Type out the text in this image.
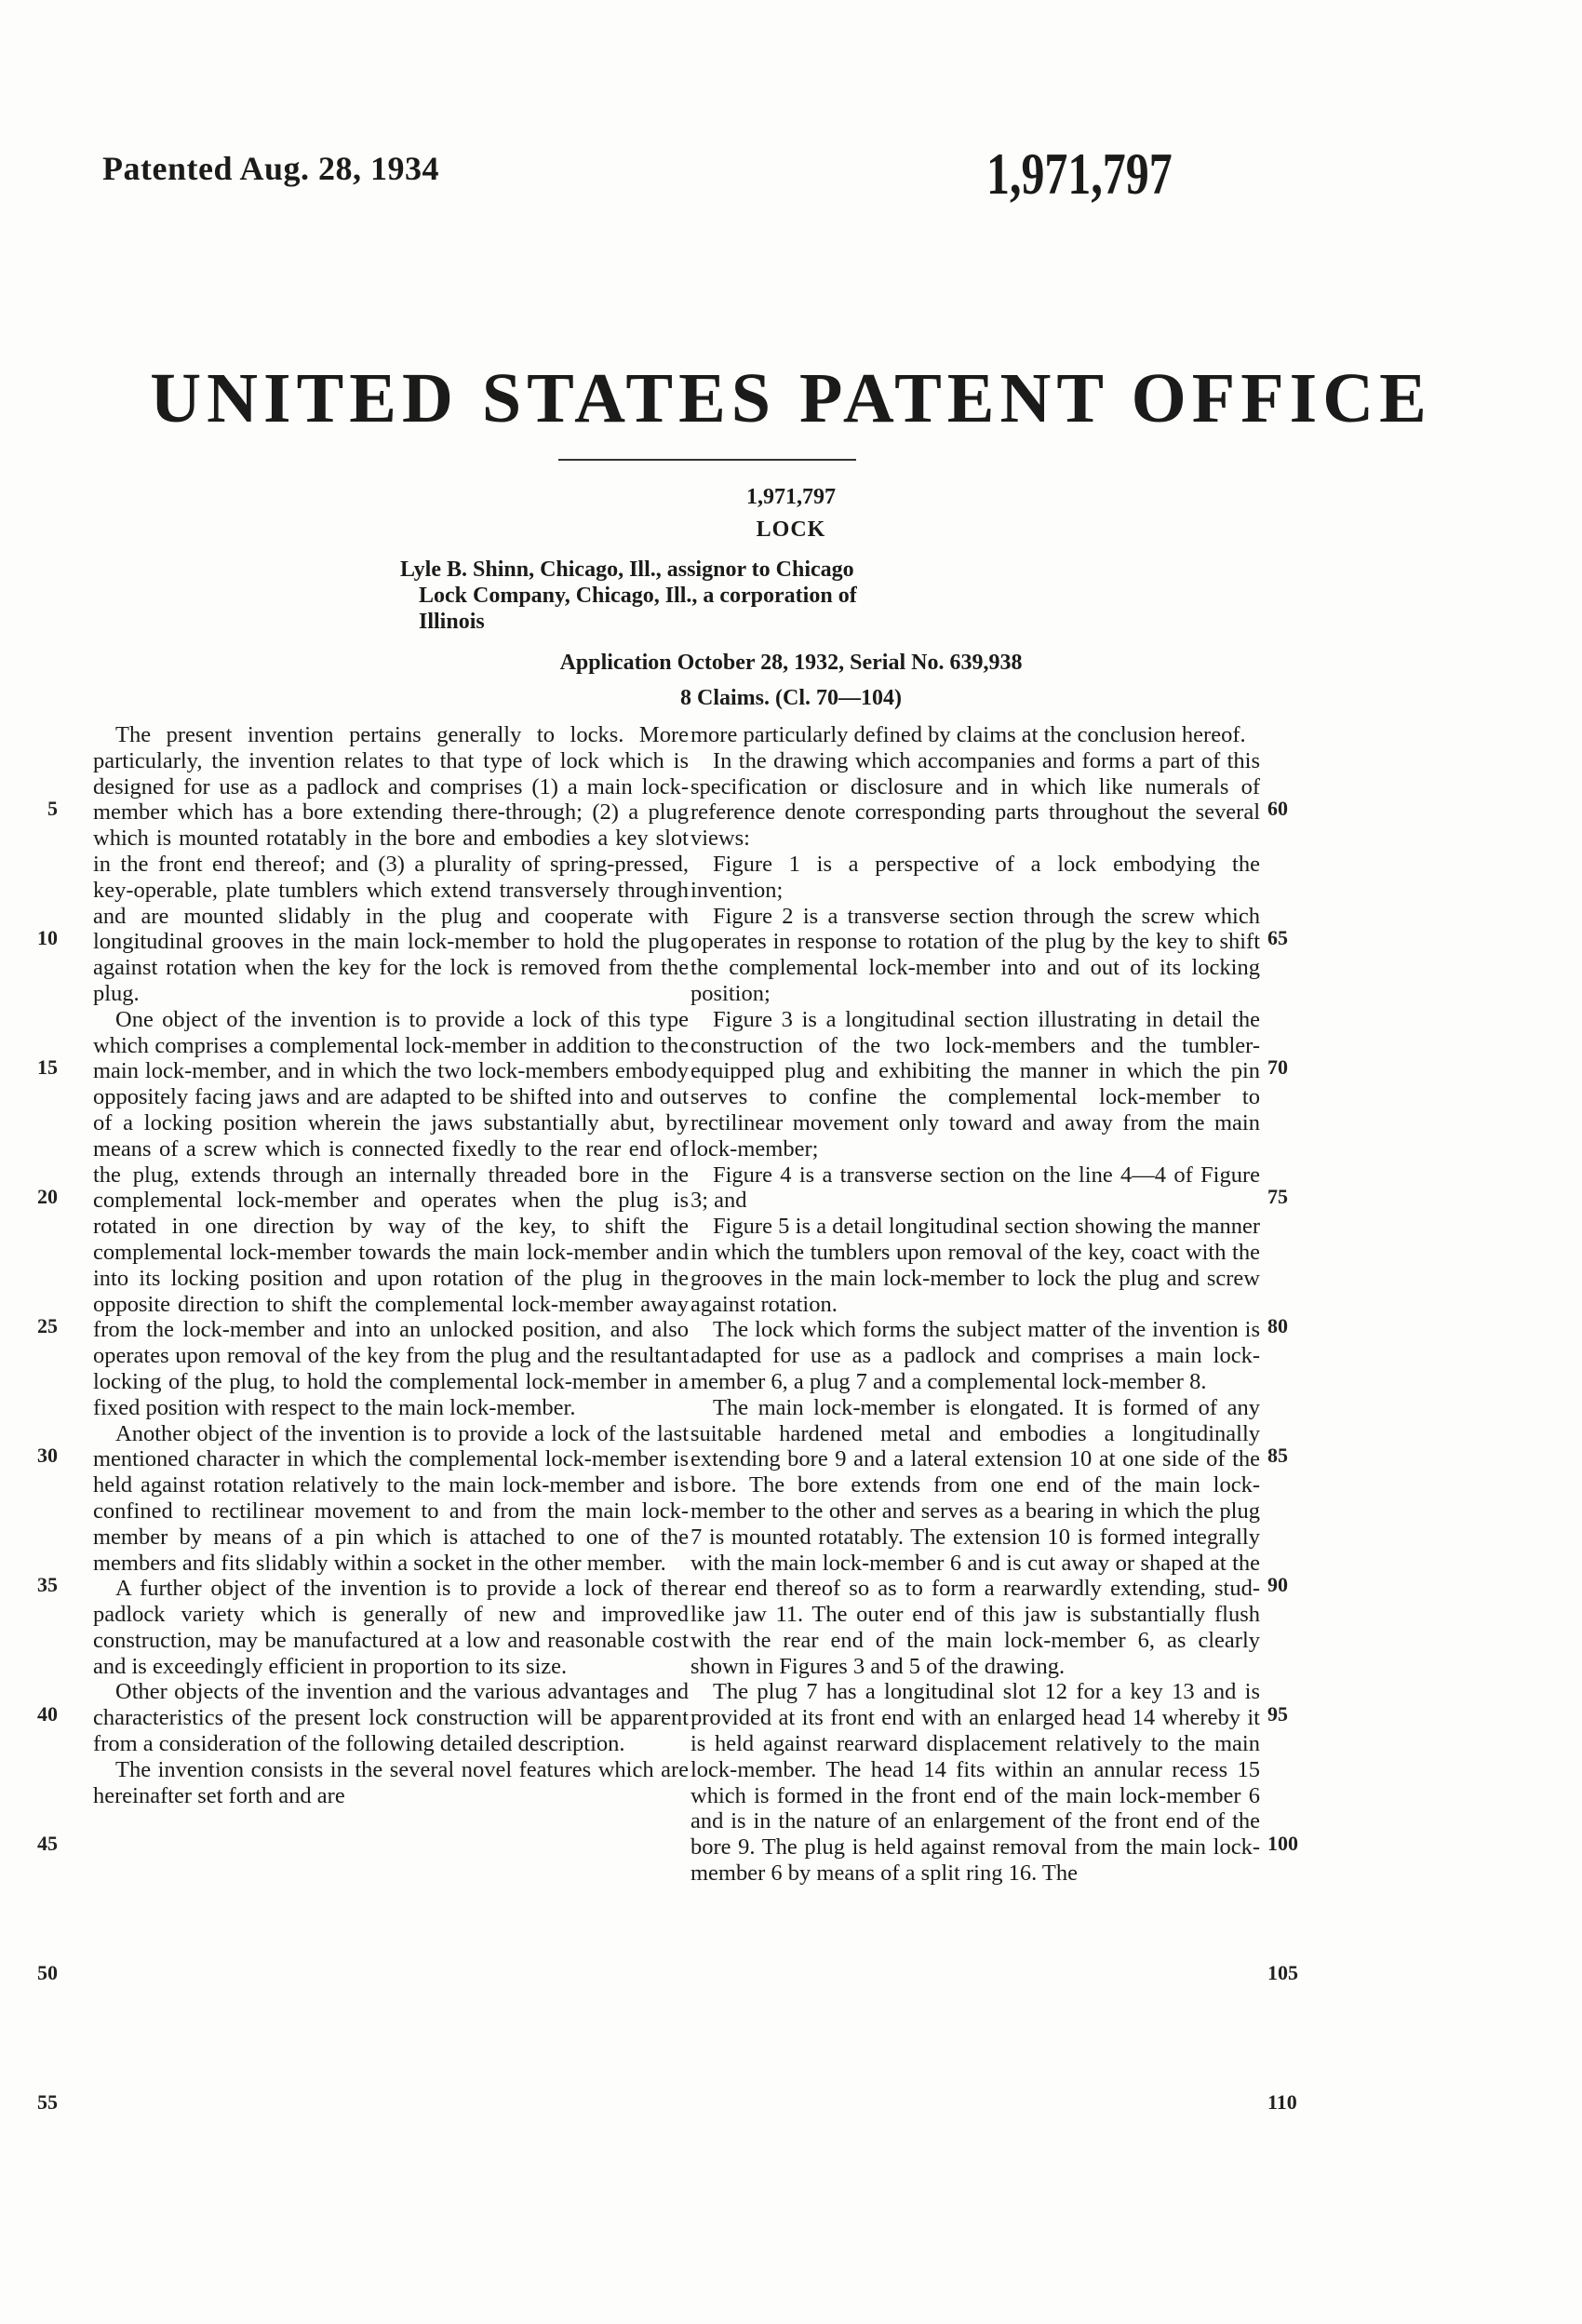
Patented Aug. 28, 1934	1,971,797
UNITED STATES PATENT OFFICE
1,971,797
LOCK
Lyle B. Shinn, Chicago, Ill., assignor to Chicago
Lock Company, Chicago, Ill., a corporation of
Illinois
Application October 28, 1932, Serial No. 639,938
8 Claims. (Cl. 70—104)

The present invention pertains generally to locks. More particularly, the invention relates to that type of lock which is designed for use as a padlock and comprises (1) a main lock-member which has a bore extending there-through; (2) a plug which is mounted rotatably in the bore and embodies a key slot in the front end thereof; and (3) a plurality of spring-pressed, key-operable, plate tumblers which extend transversely through and are mounted slidably in the plug and cooperate with longitudinal grooves in the main lock-member to hold the plug against rotation when the key for the lock is removed from the plug.

One object of the invention is to provide a lock of this type which comprises a complemental lock-member in addition to the main lock-member, and in which the two lock-members embody oppositely facing jaws and are adapted to be shifted into and out of a locking position wherein the jaws substantially abut, by means of a screw which is connected fixedly to the rear end of the plug, extends through an internally threaded bore in the complemental lock-member and operates when the plug is rotated in one direction by way of the key, to shift the complemental lock-member towards the main lock-member and into its locking position and upon rotation of the plug in the opposite direction to shift the complemental lock-member away from the lock-member and into an unlocked position, and also operates upon removal of the key from the plug and the resultant locking of the plug, to hold the complemental lock-member in a fixed position with respect to the main lock-member.

Another object of the invention is to provide a lock of the last mentioned character in which the complemental lock-member is held against rotation relatively to the main lock-member and is confined to rectilinear movement to and from the main lock-member by means of a pin which is attached to one of the members and fits slidably within a socket in the other member.

A further object of the invention is to provide a lock of the padlock variety which is generally of new and improved construction, may be manufactured at a low and reasonable cost and is exceedingly efficient in proportion to its size.

Other objects of the invention and the various advantages and characteristics of the present lock construction will be apparent from a consideration of the following detailed description.

The invention consists in the several novel features which are hereinafter set forth and are

more particularly defined by claims at the conclusion hereof.

In the drawing which accompanies and forms a part of this specification or disclosure and in which like numerals of reference denote corresponding parts throughout the several views:

Figure 1 is a perspective of a lock embodying the invention;

Figure 2 is a transverse section through the screw which operates in response to rotation of the plug by the key to shift the complemental lock-member into and out of its locking position;

Figure 3 is a longitudinal section illustrating in detail the construction of the two lock-members and the tumbler-equipped plug and exhibiting the manner in which the pin serves to confine the complemental lock-member to rectilinear movement only toward and away from the main lock-member;

Figure 4 is a transverse section on the line 4—4 of Figure 3; and

Figure 5 is a detail longitudinal section showing the manner in which the tumblers upon removal of the key, coact with the grooves in the main lock-member to lock the plug and screw against rotation.

The lock which forms the subject matter of the invention is adapted for use as a padlock and comprises a main lock-member 6, a plug 7 and a complemental lock-member 8.

The main lock-member is elongated. It is formed of any suitable hardened metal and embodies a longitudinally extending bore 9 and a lateral extension 10 at one side of the bore. The bore extends from one end of the main lock-member to the other and serves as a bearing in which the plug 7 is mounted rotatably. The extension 10 is formed integrally with the main lock-member 6 and is cut away or shaped at the rear end thereof so as to form a rearwardly extending, stud-like jaw 11. The outer end of this jaw is substantially flush with the rear end of the main lock-member 6, as clearly shown in Figures 3 and 5 of the drawing.

The plug 7 has a longitudinal slot 12 for a key 13 and is provided at its front end with an enlarged head 14 whereby it is held against rearward displacement relatively to the main lock-member. The head 14 fits within an annular recess 15 which is formed in the front end of the main lock-member 6 and is in the nature of an enlargement of the front end of the bore 9. The plug is held against removal from the main lock-member 6 by means of a split ring 16. The

5
10
15
20
25
30
35
40
45
50
55
60
65
70
75
80
85
90
95
100
105
110
